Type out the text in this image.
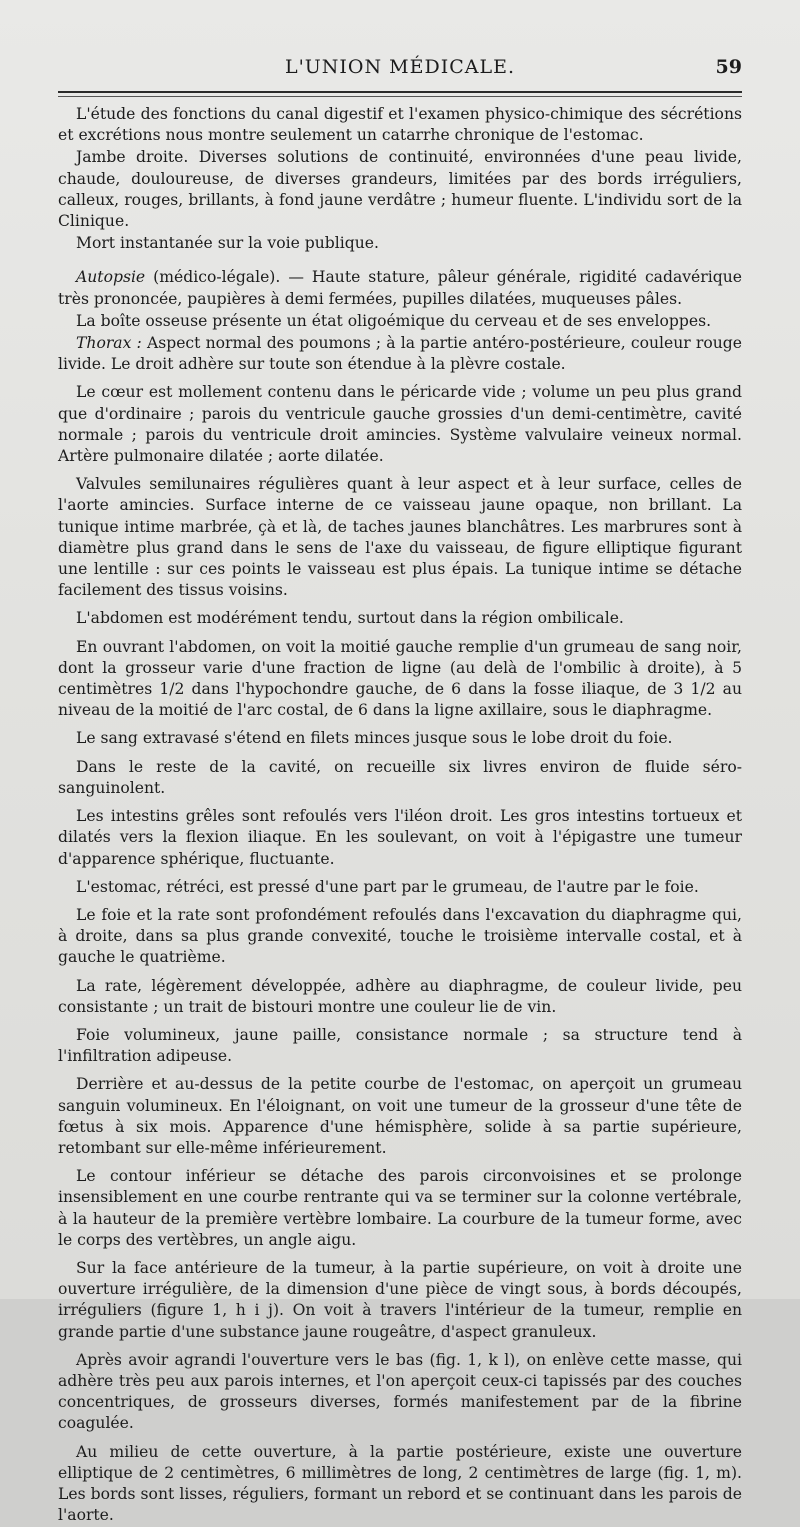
L'UNION MÉDICALE.	59

L'étude des fonctions du canal digestif et l'examen physico-chimique des sécrétions et excrétions nous montre seulement un catarrhe chronique de l'estomac.

Jambe droite. Diverses solutions de continuité, environnées d'une peau livide, chaude, douloureuse, de diverses grandeurs, limitées par des bords irréguliers, calleux, rouges, brillants, à fond jaune verdâtre ; humeur fluente. L'individu sort de la Clinique.

Mort instantanée sur la voie publique.

Autopsie (médico-légale). — Haute stature, pâleur générale, rigidité cadavérique très prononcée, paupières à demi fermées, pupilles dilatées, muqueuses pâles.

La boîte osseuse présente un état oligoémique du cerveau et de ses enveloppes.

Thorax : Aspect normal des poumons ; à la partie antéro-postérieure, couleur rouge livide. Le droit adhère sur toute son étendue à la plèvre costale.

Le cœur est mollement contenu dans le péricarde vide ; volume un peu plus grand que d'ordinaire ; parois du ventricule gauche grossies d'un demi-centimètre, cavité normale ; parois du ventricule droit amincies. Système valvulaire veineux normal. Artère pulmonaire dilatée ; aorte dilatée.

Valvules semilunaires régulières quant à leur aspect et à leur surface, celles de l'aorte amincies. Surface interne de ce vaisseau jaune opaque, non brillant. La tunique intime marbrée, çà et là, de taches jaunes blanchâtres. Les marbrures sont à diamètre plus grand dans le sens de l'axe du vaisseau, de figure elliptique figurant une lentille : sur ces points le vaisseau est plus épais. La tunique intime se détache facilement des tissus voisins.

L'abdomen est modérément tendu, surtout dans la région ombilicale.

En ouvrant l'abdomen, on voit la moitié gauche remplie d'un grumeau de sang noir, dont la grosseur varie d'une fraction de ligne (au delà de l'ombilic à droite), à 5 centimètres 1/2 dans l'hypochondre gauche, de 6 dans la fosse iliaque, de 3 1/2 au niveau de la moitié de l'arc costal, de 6 dans la ligne axillaire, sous le diaphragme.

Le sang extravasé s'étend en filets minces jusque sous le lobe droit du foie.

Dans le reste de la cavité, on recueille six livres environ de fluide séro-sanguinolent.

Les intestins grêles sont refoulés vers l'iléon droit. Les gros intestins tortueux et dilatés vers la flexion iliaque. En les soulevant, on voit à l'épigastre une tumeur d'apparence sphérique, fluctuante.

L'estomac, rétréci, est pressé d'une part par le grumeau, de l'autre par le foie.

Le foie et la rate sont profondément refoulés dans l'excavation du diaphragme qui, à droite, dans sa plus grande convexité, touche le troisième intervalle costal, et à gauche le quatrième.

La rate, légèrement développée, adhère au diaphragme, de couleur livide, peu consistante ; un trait de bistouri montre une couleur lie de vin.

Foie volumineux, jaune paille, consistance normale ; sa structure tend à l'infiltration adipeuse.

Derrière et au-dessus de la petite courbe de l'estomac, on aperçoit un grumeau sanguin volumineux. En l'éloignant, on voit une tumeur de la grosseur d'une tête de fœtus à six mois. Apparence d'une hémisphère, solide à sa partie supérieure, retombant sur elle-même inférieurement.

Le contour inférieur se détache des parois circonvoisines et se prolonge insensiblement en une courbe rentrante qui va se terminer sur la colonne vertébrale, à la hauteur de la première vertèbre lombaire. La courbure de la tumeur forme, avec le corps des vertèbres, un angle aigu.

Sur la face antérieure de la tumeur, à la partie supérieure, on voit à droite une ouverture irrégulière, de la dimension d'une pièce de vingt sous, à bords découpés, irréguliers (figure 1, h i j). On voit à travers l'intérieur de la tumeur, remplie en grande partie d'une substance jaune rougeâtre, d'aspect granuleux.

Après avoir agrandi l'ouverture vers le bas (fig. 1, k l), on enlève cette masse, qui adhère très peu aux parois internes, et l'on aperçoit ceux-ci tapissés par des couches concentriques, de grosseurs diverses, formés manifestement par de la fibrine coagulée.

Au milieu de cette ouverture, à la partie postérieure, existe une ouverture elliptique de 2 centimètres, 6 millimètres de long, 2 centimètres de large (fig. 1, m). Les bords sont lisses, réguliers, formant un rebord et se continuant dans les parois de l'aorte.
